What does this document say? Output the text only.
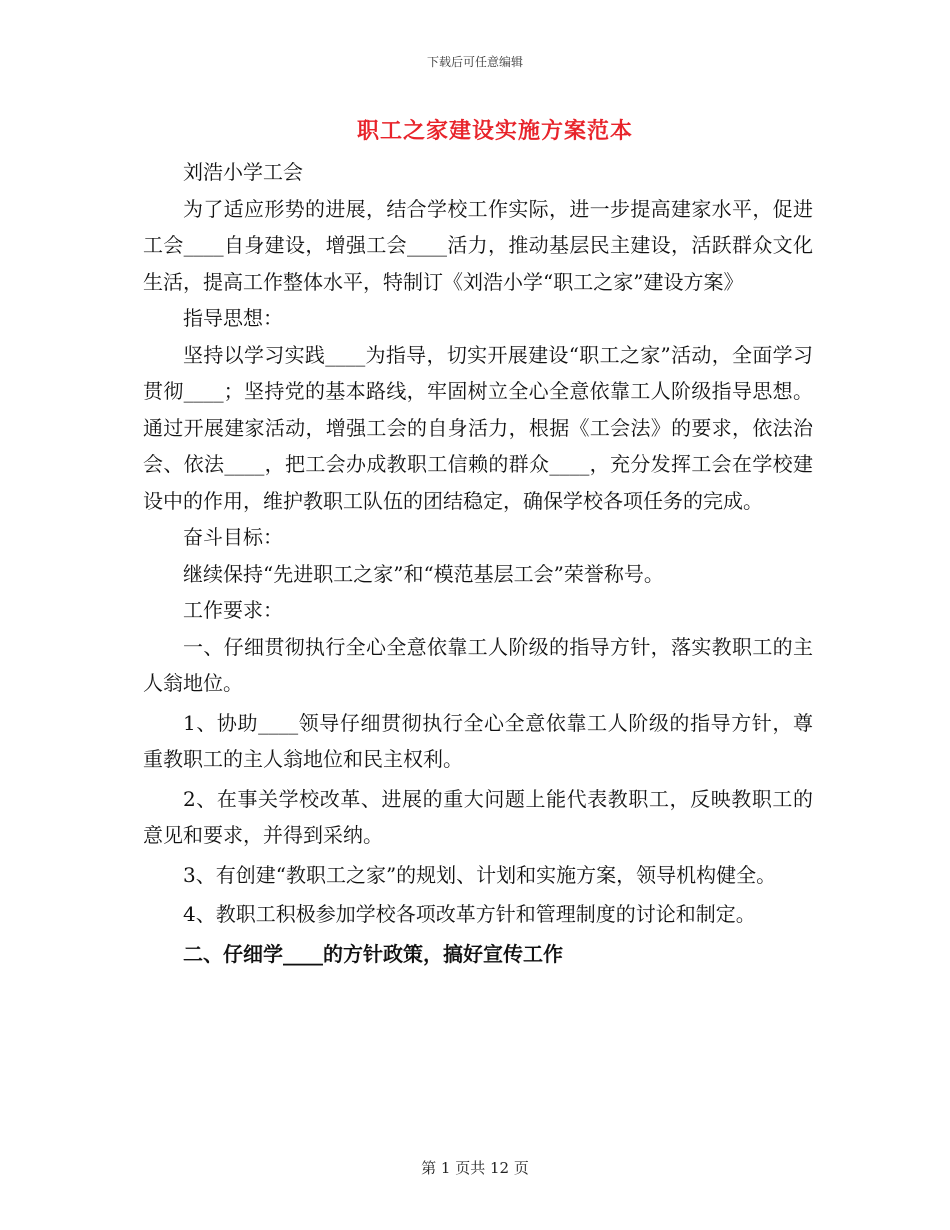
下载后可任意编辑
职工之家建设实施方案范本

刘浩小学工会

为了适应形势的进展，结合学校工作实际，进一步提高建家水平，促进工会____自身建设，增强工会____活力，推动基层民主建设，活跃群众文化生活，提高工作整体水平，特制订《刘浩小学“职工之家”建设方案》

指导思想：

坚持以学习实践____为指导，切实开展建设“职工之家”活动，全面学习贯彻____；坚持党的基本路线，牢固树立全心全意依靠工人阶级指导思想。通过开展建家活动，增强工会的自身活力，根据《工会法》的要求，依法治会、依法____，把工会办成教职工信赖的群众____，充分发挥工会在学校建设中的作用，维护教职工队伍的团结稳定，确保学校各项任务的完成。

奋斗目标：

继续保持“先进职工之家”和“模范基层工会”荣誉称号。

工作要求：

一、仔细贯彻执行全心全意依靠工人阶级的指导方针，落实教职工的主人翁地位。

1、协助____领导仔细贯彻执行全心全意依靠工人阶级的指导方针，尊重教职工的主人翁地位和民主权利。

2、在事关学校改革、进展的重大问题上能代表教职工，反映教职工的意见和要求，并得到采纳。

3、有创建“教职工之家”的规划、计划和实施方案，领导机构健全。

4、教职工积极参加学校各项改革方针和管理制度的讨论和制定。

二、仔细学____的方针政策，搞好宣传工作

第 1 页共 12 页
